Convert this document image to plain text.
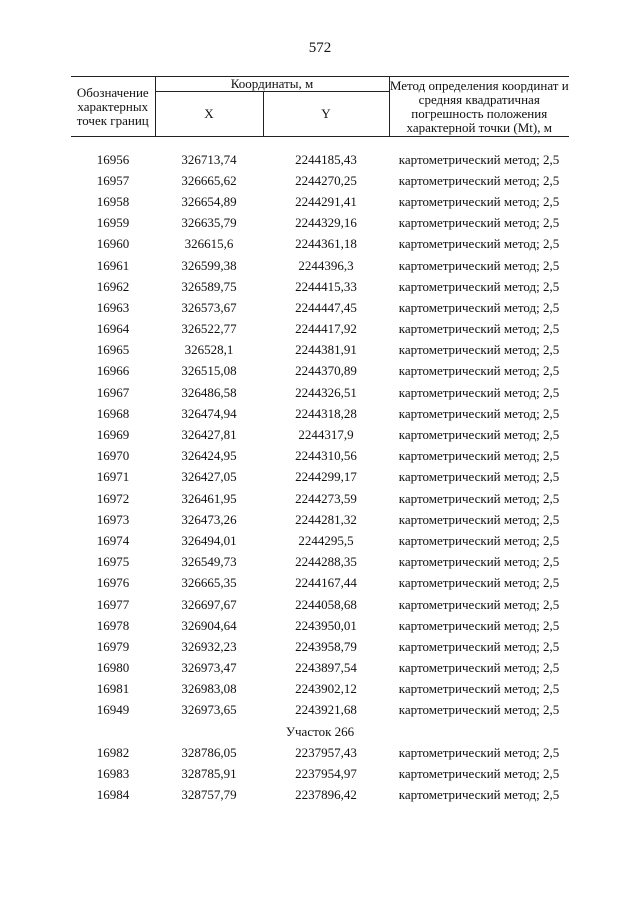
572
Обозначение характерных точек границ	Координаты, м		Метод определения координат и средняя квадратичная погрешность положения характерной точки (Mt), м
	X	Y	
16956	326713,74	2244185,43	картометрический метод; 2,5
16957	326665,62	2244270,25	картометрический метод; 2,5
16958	326654,89	2244291,41	картометрический метод; 2,5
16959	326635,79	2244329,16	картометрический метод; 2,5
16960	326615,6	2244361,18	картометрический метод; 2,5
16961	326599,38	2244396,3	картометрический метод; 2,5
16962	326589,75	2244415,33	картометрический метод; 2,5
16963	326573,67	2244447,45	картометрический метод; 2,5
16964	326522,77	2244417,92	картометрический метод; 2,5
16965	326528,1	2244381,91	картометрический метод; 2,5
16966	326515,08	2244370,89	картометрический метод; 2,5
16967	326486,58	2244326,51	картометрический метод; 2,5
16968	326474,94	2244318,28	картометрический метод; 2,5
16969	326427,81	2244317,9	картометрический метод; 2,5
16970	326424,95	2244310,56	картометрический метод; 2,5
16971	326427,05	2244299,17	картометрический метод; 2,5
16972	326461,95	2244273,59	картометрический метод; 2,5
16973	326473,26	2244281,32	картометрический метод; 2,5
16974	326494,01	2244295,5	картометрический метод; 2,5
16975	326549,73	2244288,35	картометрический метод; 2,5
16976	326665,35	2244167,44	картометрический метод; 2,5
16977	326697,67	2244058,68	картометрический метод; 2,5
16978	326904,64	2243950,01	картометрический метод; 2,5
16979	326932,23	2243958,79	картометрический метод; 2,5
16980	326973,47	2243897,54	картометрический метод; 2,5
16981	326983,08	2243902,12	картометрический метод; 2,5
16949	326973,65	2243921,68	картометрический метод; 2,5
Участок 266
16982	328786,05	2237957,43	картометрический метод; 2,5
16983	328785,91	2237954,97	картометрический метод; 2,5
16984	328757,79	2237896,42	картометрический метод; 2,5
